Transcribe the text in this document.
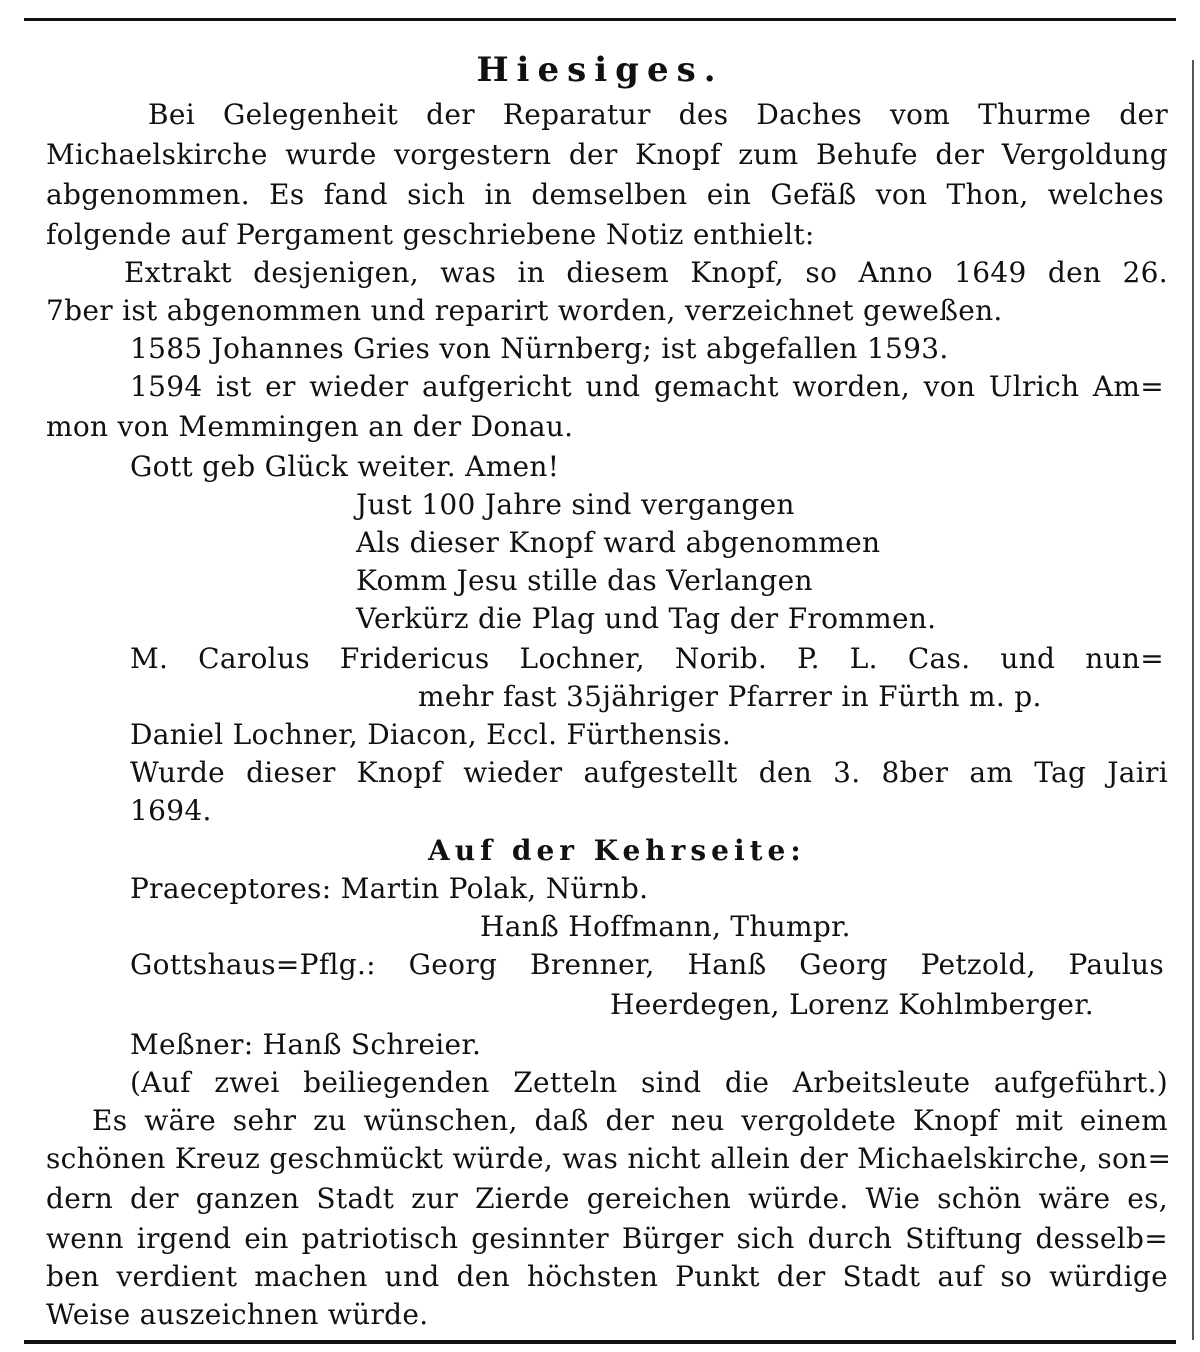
Hiesiges.
Bei Gelegenheit der Reparatur des Daches vom Thurme der
Michaelskirche wurde vorgestern der Knopf zum Behufe der Vergoldung
abgenommen. Es fand sich in demselben ein Gefäß von Thon, welches
folgende auf Pergament geschriebene Notiz enthielt:
Extrakt desjenigen, was in diesem Knopf, so Anno 1649 den 26.
7ber ist abgenommen und reparirt worden, verzeichnet geweßen.
1585 Johannes Gries von Nürnberg; ist abgefallen 1593.
1594 ist er wieder aufgericht und gemacht worden, von Ulrich Am=
mon von Memmingen an der Donau.
Gott geb Glück weiter. Amen!
Just 100 Jahre sind vergangen
Als dieser Knopf ward abgenommen
Komm Jesu stille das Verlangen
Verkürz die Plag und Tag der Frommen.
M. Carolus Fridericus Lochner, Norib. P. L. Cas. und nun=
mehr fast 35jähriger Pfarrer in Fürth m. p.
Daniel Lochner, Diacon, Eccl. Fürthensis.
Wurde dieser Knopf wieder aufgestellt den 3. 8ber am Tag Jairi
1694.
Auf der Kehrseite:
Praeceptores: Martin Polak, Nürnb.
Hanß Hoffmann, Thumpr.
Gottshaus=Pflg.: Georg Brenner, Hanß Georg Petzold, Paulus
Heerdegen, Lorenz Kohlmberger.
Meßner: Hanß Schreier.
(Auf zwei beiliegenden Zetteln sind die Arbeitsleute aufgeführt.)
Es wäre sehr zu wünschen, daß der neu vergoldete Knopf mit einem
schönen Kreuz geschmückt würde, was nicht allein der Michaelskirche, son=
dern der ganzen Stadt zur Zierde gereichen würde. Wie schön wäre es,
wenn irgend ein patriotisch gesinnter Bürger sich durch Stiftung desselb=
ben verdient machen und den höchsten Punkt der Stadt auf so würdige
Weise auszeichnen würde.
